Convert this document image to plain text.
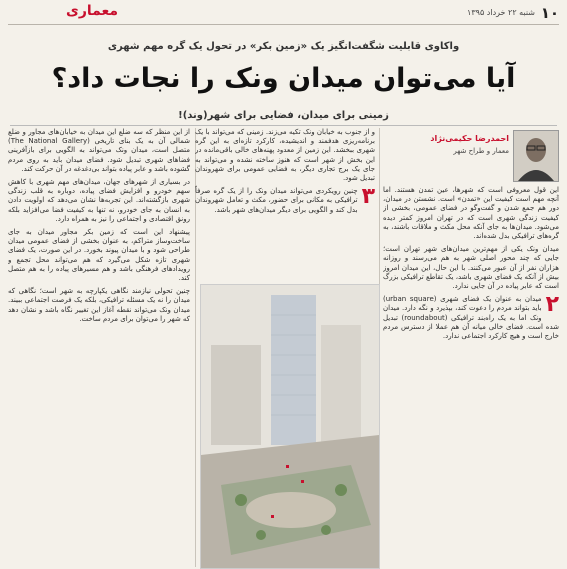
۱۰
شنبه ۲۲ خرداد ۱۳۹۵
معماری
واکاوی قابلیت شگفت‌انگیز یک «زمین بکر» در تحول یک گره مهم شهری
آیا می‌توان میدان ونک را نجات داد؟
زمینی برای میدان، فضایی برای شهر(وند)!
احمدرضا حکیمی‌نژاد
معمار و طراح شهر

این قول معروفی است که شهرها، عین تمدن هستند. اما آنچه مهم است کیفیت این «تمدن» است. نشستن در میدان، دور هم جمع شدن و گفت‌وگو در فضای عمومی، بخشی از کیفیت زندگی شهری است که در تهران امروز کمتر دیده می‌شود. میدان‌ها به جای آنکه محل مکث و ملاقات باشند، به گره‌های ترافیکی بدل شده‌اند.

میدان ونک یکی از مهم‌ترین میدان‌های شهر تهران است؛ جایی که چند محور اصلی شهر به هم می‌رسند و روزانه هزاران نفر از آن عبور می‌کنند. با این حال، این میدان امروز بیش از آنکه یک فضای شهری باشد، یک تقاطع ترافیکی بزرگ است که عابر پیاده در آن جایی ندارد.

۲
میدان به عنوان یک فضای شهری (urban square) باید بتواند مردم را دعوت کند، بپذیرد و نگه دارد. میدان ونک اما به یک راه‌بند ترافیکی (roundabout) تبدیل شده است. فضای خالی میانه آن هم عملا از دسترس مردم خارج است و هیچ کارکرد اجتماعی ندارد.

و از جنوب به خیابان ونک تکیه می‌زند. زمینی که می‌تواند با یک برنامه‌ریزی هدفمند و اندیشیده، کارکرد تازه‌ای به این گره شهری ببخشد. این زمین از معدود پهنه‌های خالی باقی‌مانده در این بخش از شهر است که هنوز ساخته نشده و می‌تواند به جای یک برج تجاری دیگر، به فضایی عمومی برای شهروندان تبدیل شود.

۳
چنین رویکردی می‌تواند میدان ونک را از یک گره صرفاً ترافیکی به مکانی برای حضور، مکث و تعامل شهروندان بدل کند و الگویی برای دیگر میدان‌های شهر باشد.

از این منظر که سه ضلع این میدان به خیابان‌های مجاور و ضلع شمالی آن به یک بنای تاریخی (The National Gallery) متصل است، میدان ونک می‌تواند به الگویی برای بازآفرینی فضاهای شهری تبدیل شود. فضای میدان باید به روی مردم گشوده باشد و عابر پیاده بتواند بی‌دغدغه در آن حرکت کند.

در بسیاری از شهرهای جهان، میدان‌های مهم شهری با کاهش سهم خودرو و افزایش فضای پیاده، دوباره به قلب زندگی شهری بازگشته‌اند. این تجربه‌ها نشان می‌دهد که اولویت دادن به انسان به جای خودرو، نه تنها به کیفیت فضا می‌افزاید بلکه رونق اقتصادی و اجتماعی را نیز به همراه دارد.

پیشنهاد این است که زمین بکر مجاور میدان به جای ساخت‌وساز متراکم، به عنوان بخشی از فضای عمومی میدان طراحی شود و با میدان پیوند بخورد. در این صورت، یک فضای شهری تازه شکل می‌گیرد که هم می‌تواند محل تجمع و رویدادهای فرهنگی باشد و هم مسیرهای پیاده را به هم متصل کند.

چنین تحولی نیازمند نگاهی یکپارچه به شهر است؛ نگاهی که میدان را نه یک مسئله ترافیکی، بلکه یک فرصت اجتماعی ببیند. میدان ونک می‌تواند نقطه آغاز این تغییر نگاه باشد و نشان دهد که شهر را می‌توان برای مردم ساخت.
